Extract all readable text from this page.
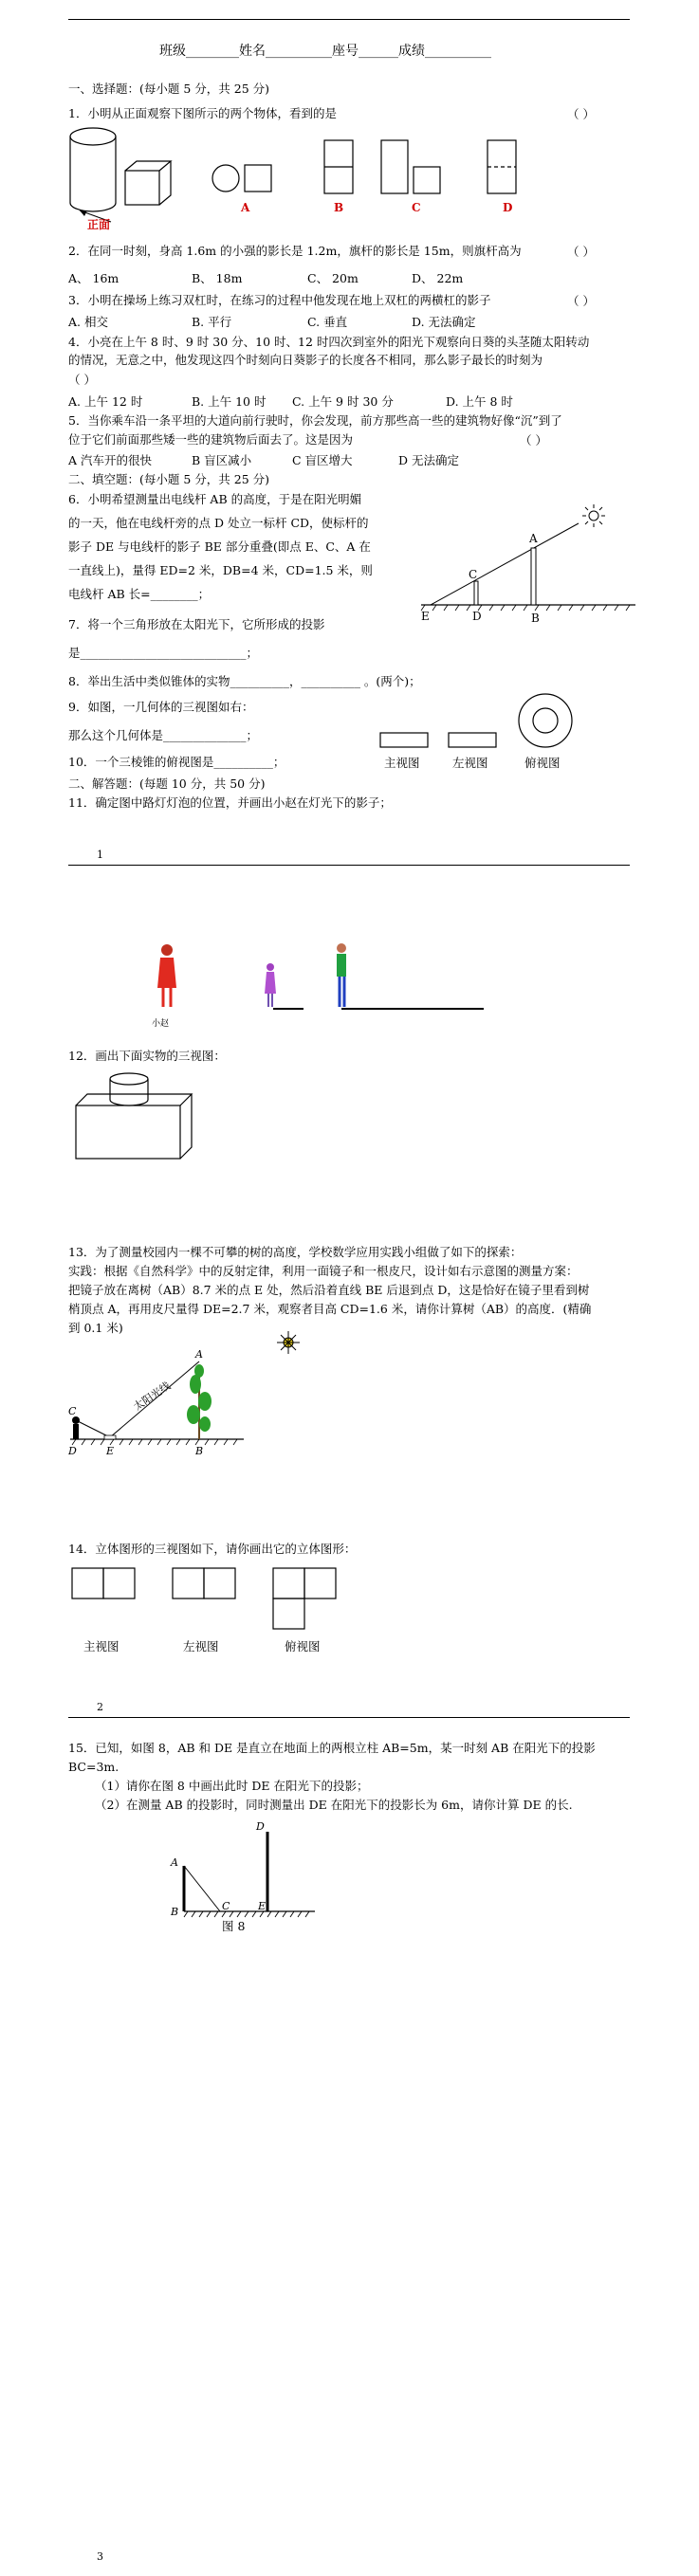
班级________姓名__________座号______成绩__________
一、选择题：(每小题 5 分，共 25 分)
1．小明从正面观察下图所示的两个物体，看到的是	（ ）
正面
A	B	C	D
2．在同一时刻，身高 1.6m 的小强的影长是 1.2m，旗杆的影长是 15m，则旗杆高为	（ ）
A、 16m	B、 18m	C、 20m	D、 22m
3．小明在操场上练习双杠时，在练习的过程中他发现在地上双杠的两横杠的影子	（ ）
A. 相交	B. 平行	C. 垂直	D. 无法确定
4．小亮在上午 8 时、9 时 30 分、10 时、12 时四次到室外的阳光下观察向日葵的头茎随太阳转动
的情况，无意之中，他发现这四个时刻向日葵影子的长度各不相同，那么影子最长的时刻为
（ ）
A. 上午 12 时	B. 上午 10 时 C. 上午 9 时 30 分	D. 上午 8 时
5．当你乘车沿一条平坦的大道向前行驶时，你会发现，前方那些高一些的建筑物好像“沉”到了
位于它们前面那些矮一些的建筑物后面去了。这是因为	（ ）
A 汽车开的很快	B 盲区减小	C 盲区增大	D 无法确定
二、填空题：(每小题 5 分，共 25 分)
6．小明希望测量出电线杆 AB 的高度，于是在阳光明媚
的一天，他在电线杆旁的点 D 处立一标杆 CD，使标杆的
影子 DE 与电线杆的影子 BE 部分重叠(即点 E、C、A 在
一直线上)，量得 ED=2 米，DB=4 米，CD=1.5 米，则
电线杆 AB 长=________；
A
C
E	D	B
7．将一个三角形放在太阳光下，它所形成的投影
是____________________________；
8．举出生活中类似锥体的实物__________，__________ 。(两个)；
9．如图，一几何体的三视图如右：
那么这个几何体是______________；
主视图	左视图	俯视图
10．一个三棱锥的俯视图是__________；
二、解答题：(每题 10 分，共 50 分)
11．确定图中路灯灯泡的位置，并画出小赵在灯光下的影子；
1
小赵
12．画出下面实物的三视图：
13．为了测量校园内一棵不可攀的树的高度，学校数学应用实践小组做了如下的探索：
实践：根据《自然科学》中的反射定律，利用一面镜子和一根皮尺，设计如右示意图的测量方案：
把镜子放在离树（AB）8.7 米的点 E 处，然后沿着直线 BE 后退到点 D，这是恰好在镜子里看到树
梢顶点 A，再用皮尺量得 DE=2.7 米，观察者目高 CD=1.6 米，请你计算树（AB）的高度．(精确
到 0.1 米)
太阳光线
A
C
D	E	B
14．立体图形的三视图如下，请你画出它的立体图形：
主视图	左视图	俯视图
2
15．已知，如图 8，AB 和 DE 是直立在地面上的两根立柱 AB=5m，某一时刻 AB 在阳光下的投影
BC=3m.
（1）请你在图 8 中画出此时 DE 在阳光下的投影；
（2）在测量 AB 的投影时，同时测量出 DE 在阳光下的投影长为 6m，请你计算 DE 的长.
D
A
B	C	E
图 8
3
